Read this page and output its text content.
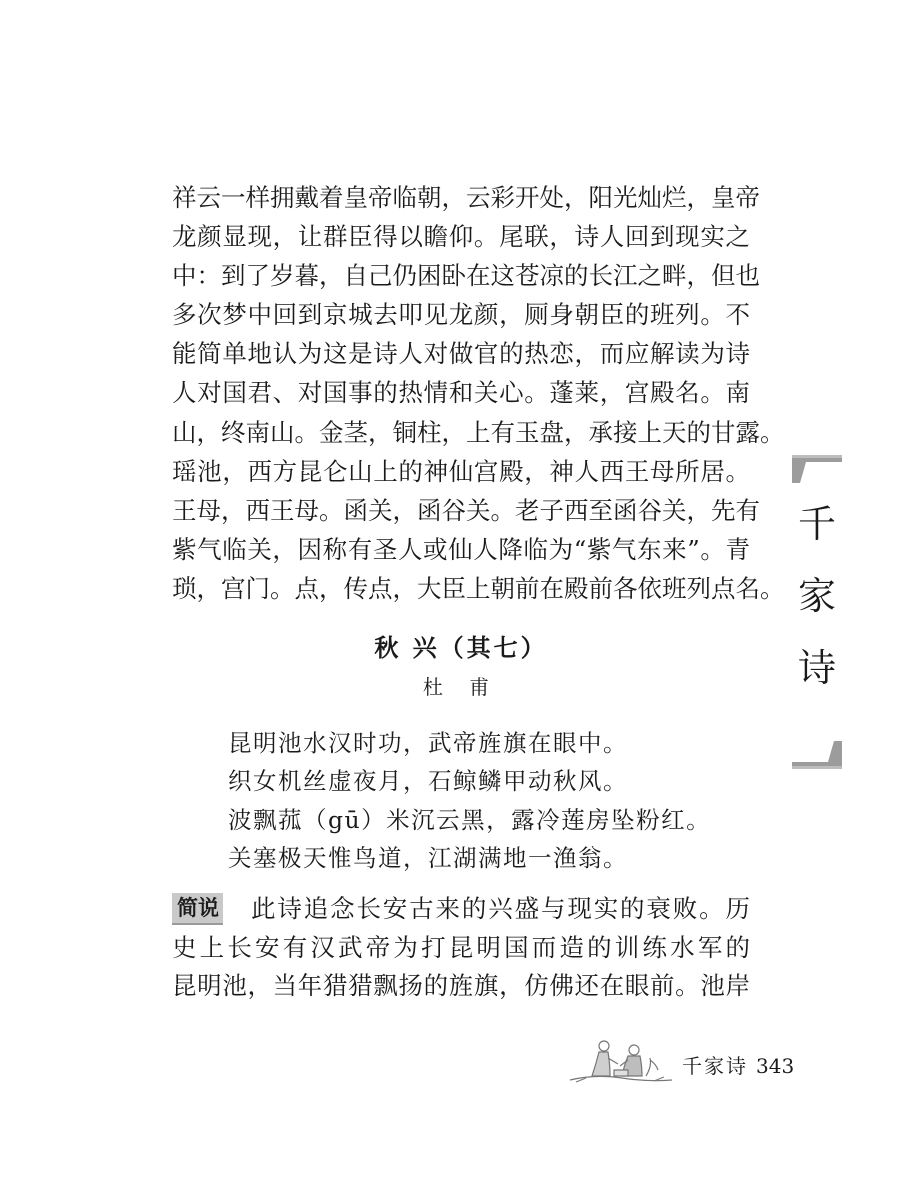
祥云一样拥戴着皇帝临朝，云彩开处，阳光灿烂，皇帝
龙颜显现，让群臣得以瞻仰。尾联，诗人回到现实之
中：到了岁暮，自己仍困卧在这苍凉的长江之畔，但也
多次梦中回到京城去叩见龙颜，厕身朝臣的班列。不
能简单地认为这是诗人对做官的热恋，而应解读为诗
人对国君、对国事的热情和关心。蓬莱，宫殿名。南
山，终南山。金茎，铜柱，上有玉盘，承接上天的甘露。
瑶池，西方昆仑山上的神仙宫殿，神人西王母所居。
王母，西王母。函关，函谷关。老子西至函谷关，先有
紫气临关，因称有圣人或仙人降临为“紫气东来”。青
琐，宫门。点，传点，大臣上朝前在殿前各依班列点名。
秋 兴（其七）
杜 甫
昆明池水汉时功，武帝旌旗在眼中。
织女机丝虚夜月，石鲸鳞甲动秋风。
波飘菰（gū）米沉云黑，露冷莲房坠粉红。
关塞极天惟鸟道，江湖满地一渔翁。
简说 此诗追念长安古来的兴盛与现实的衰败。历
史上长安有汉武帝为打昆明国而造的训练水军的
昆明池，当年猎猎飘扬的旌旗，仿佛还在眼前。池岸
千
家
诗
千家诗 343
